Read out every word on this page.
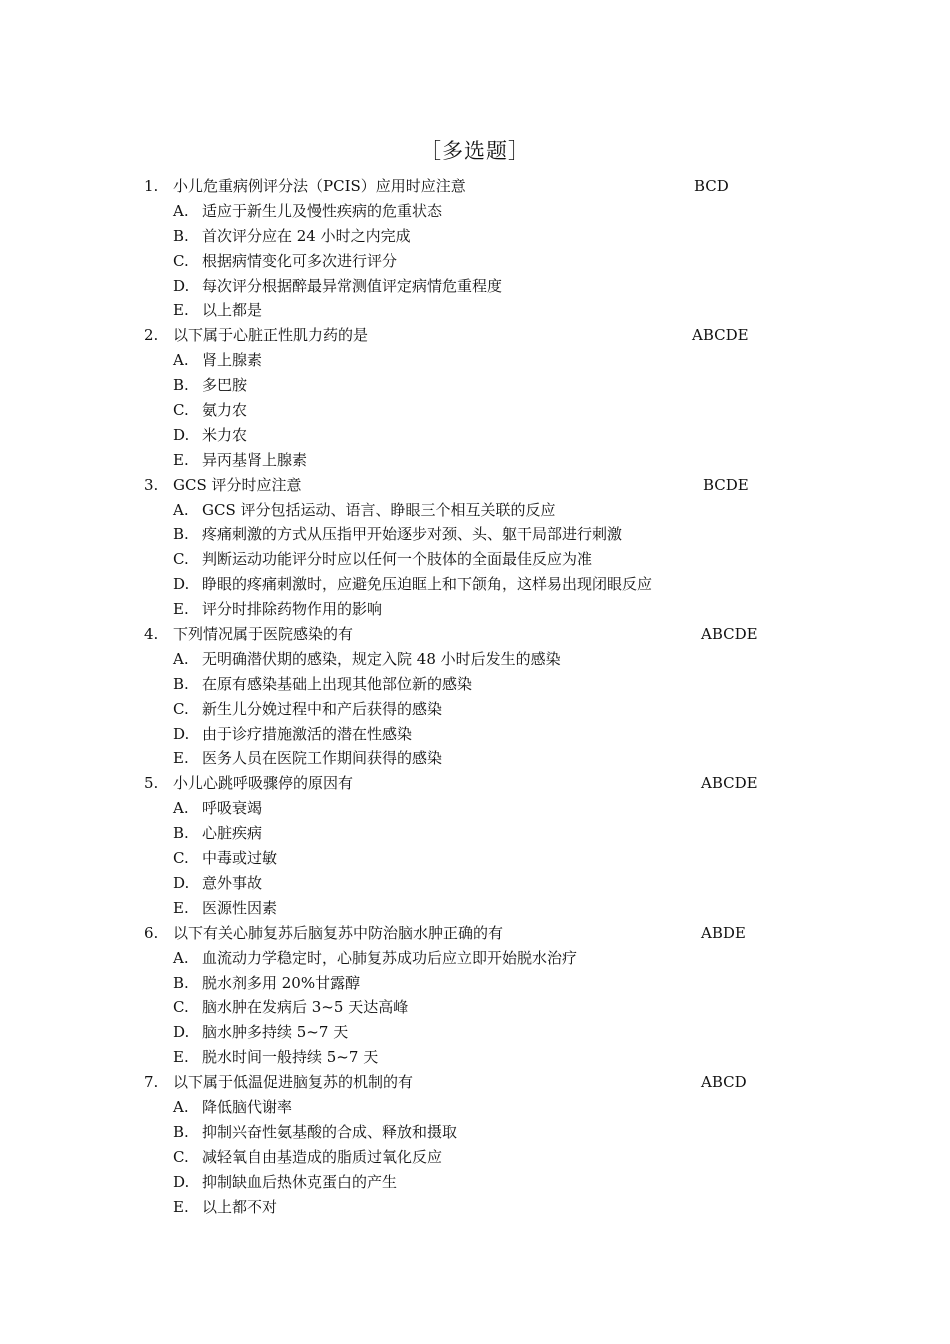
［多选题］
1. 小儿危重病例评分法（PCIS）应用时应注意	BCD
A. 适应于新生儿及慢性疾病的危重状态
B. 首次评分应在 24 小时之内完成
C. 根据病情变化可多次进行评分
D. 每次评分根据醉最异常测值评定病情危重程度
E. 以上都是
2. 以下属于心脏正性肌力药的是	ABCDE
A. 肾上腺素
B. 多巴胺
C. 氨力农
D. 米力农
E. 异丙基肾上腺素
3. GCS 评分时应注意	BCDE
A. GCS 评分包括运动、语言、睁眼三个相互关联的反应
B. 疼痛刺激的方式从压指甲开始逐步对颈、头、躯干局部进行刺激
C. 判断运动功能评分时应以任何一个肢体的全面最佳反应为准
D. 睁眼的疼痛刺激时，应避免压迫眶上和下颌角，这样易出现闭眼反应
E. 评分时排除药物作用的影响
4. 下列情况属于医院感染的有	ABCDE
A. 无明确潜伏期的感染，规定入院 48 小时后发生的感染
B. 在原有感染基础上出现其他部位新的感染
C. 新生儿分娩过程中和产后获得的感染
D. 由于诊疗措施激活的潜在性感染
E. 医务人员在医院工作期间获得的感染
5. 小儿心跳呼吸骤停的原因有	ABCDE
A. 呼吸衰竭
B. 心脏疾病
C. 中毒或过敏
D. 意外事故
E. 医源性因素
6. 以下有关心肺复苏后脑复苏中防治脑水肿正确的有	ABDE
A. 血流动力学稳定时，心肺复苏成功后应立即开始脱水治疗
B. 脱水剂多用 20%甘露醇
C. 脑水肿在发病后 3~5 天达高峰
D. 脑水肿多持续 5~7 天
E. 脱水时间一般持续 5~7 天
7. 以下属于低温促进脑复苏的机制的有	ABCD
A. 降低脑代谢率
B. 抑制兴奋性氨基酸的合成、释放和摄取
C. 减轻氧自由基造成的脂质过氧化反应
D. 抑制缺血后热休克蛋白的产生
E. 以上都不对
